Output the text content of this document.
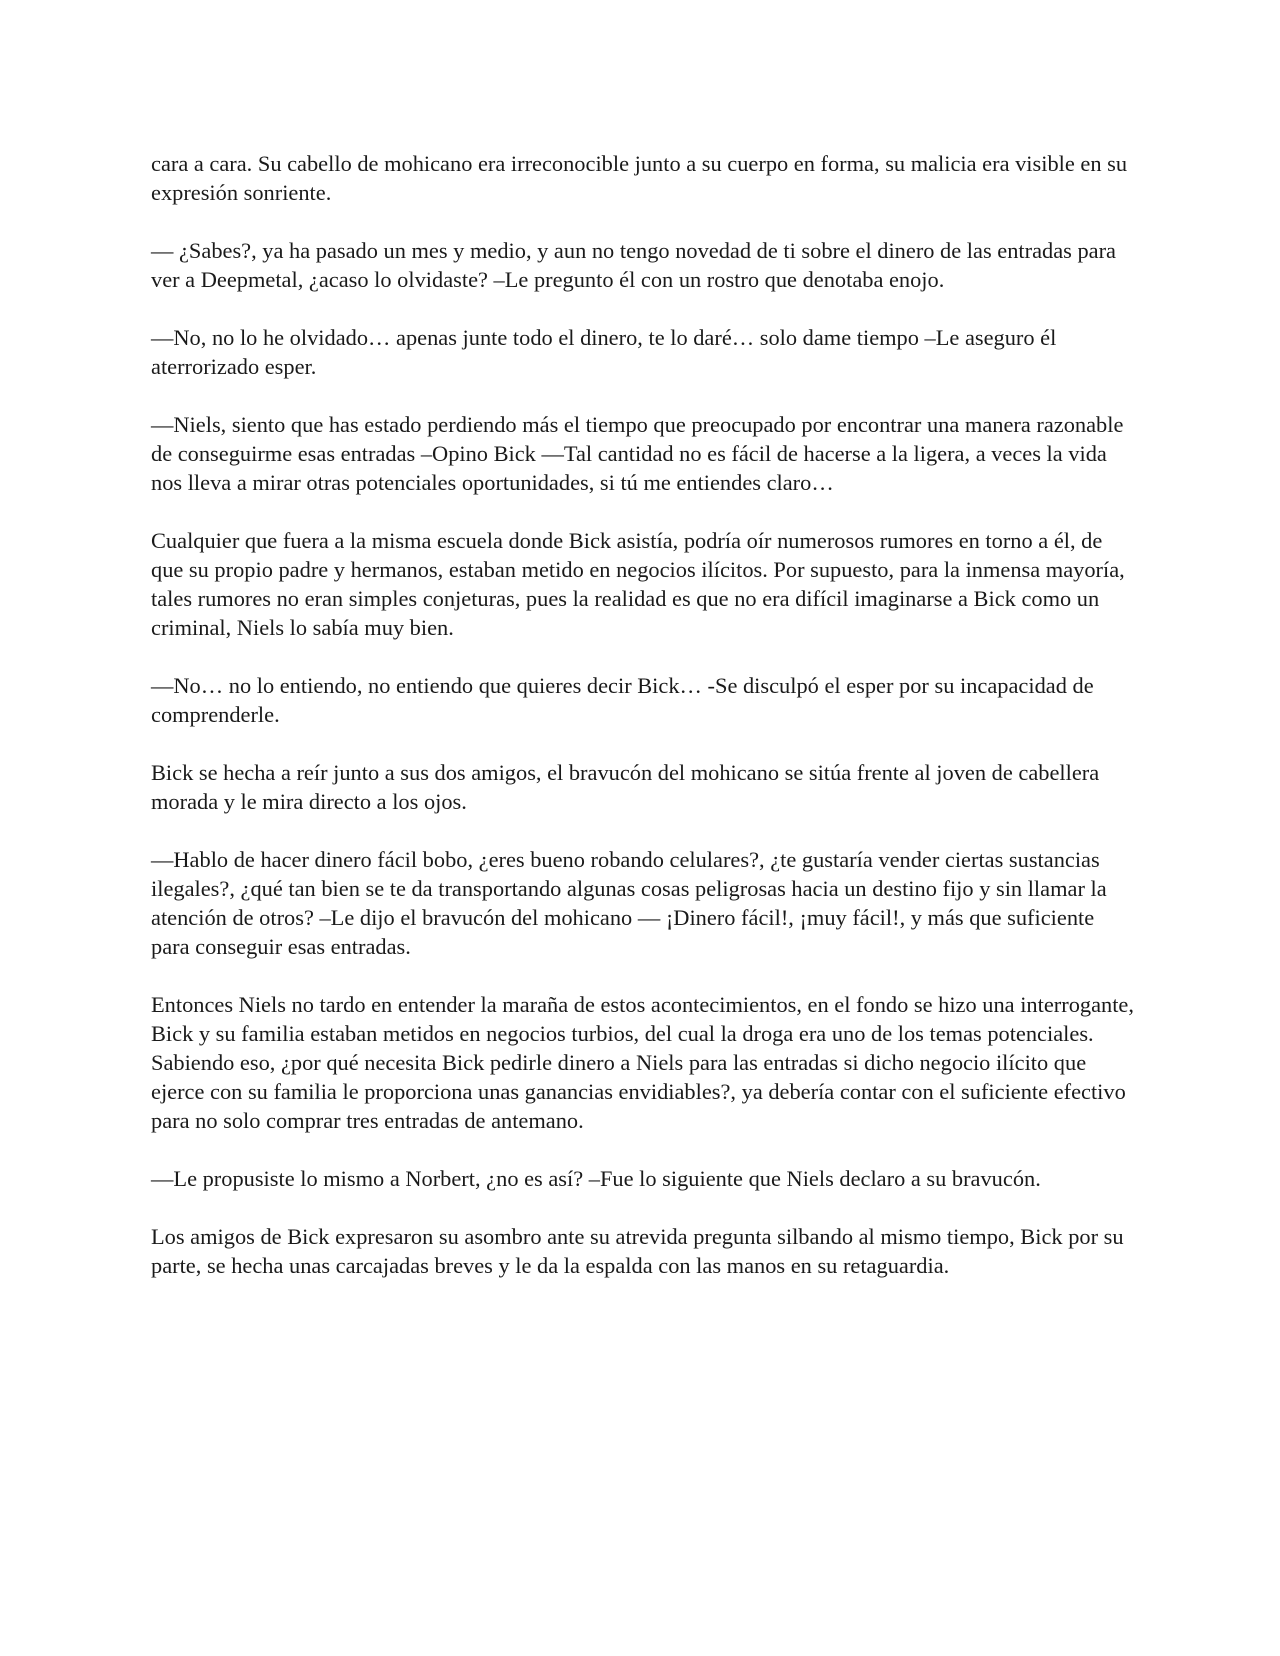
cara a cara. Su cabello de mohicano era irreconocible junto a su cuerpo en forma, su malicia era visible en su expresión sonriente.

— ¿Sabes?, ya ha pasado un mes y medio, y aun no tengo novedad de ti sobre el dinero de las entradas para ver a Deepmetal, ¿acaso lo olvidaste? –Le pregunto él con un rostro que denotaba enojo.

—No, no lo he olvidado… apenas junte todo el dinero, te lo daré… solo dame tiempo –Le aseguro él aterrorizado esper.

—Niels, siento que has estado perdiendo más el tiempo que preocupado por encontrar una manera razonable de conseguirme esas entradas –Opino Bick —Tal cantidad no es fácil de hacerse a la ligera, a veces la vida nos lleva a mirar otras potenciales oportunidades, si tú me entiendes claro…

Cualquier que fuera a la misma escuela donde Bick asistía, podría oír numerosos rumores en torno a él, de que su propio padre y hermanos, estaban metido en negocios ilícitos. Por supuesto, para la inmensa mayoría, tales rumores no eran simples conjeturas, pues la realidad es que no era difícil imaginarse a Bick como un criminal, Niels lo sabía muy bien.

—No… no lo entiendo, no entiendo que quieres decir Bick… -Se disculpó el esper por su incapacidad de comprenderle.

Bick se hecha a reír junto a sus dos amigos, el bravucón del mohicano se sitúa frente al joven de cabellera morada y le mira directo a los ojos.

—Hablo de hacer dinero fácil bobo, ¿eres bueno robando celulares?, ¿te gustaría vender ciertas sustancias ilegales?, ¿qué tan bien se te da transportando algunas cosas peligrosas hacia un destino fijo y sin llamar la atención de otros? –Le dijo el bravucón del mohicano — ¡Dinero fácil!, ¡muy fácil!, y más que suficiente para conseguir esas entradas.

Entonces Niels no tardo en entender la maraña de estos acontecimientos, en el fondo se hizo una interrogante, Bick y su familia estaban metidos en negocios turbios, del cual la droga era uno de los temas potenciales. Sabiendo eso, ¿por qué necesita Bick pedirle dinero a Niels para las entradas si dicho negocio ilícito que ejerce con su familia le proporciona unas ganancias envidiables?, ya debería contar con el suficiente efectivo para no solo comprar tres entradas de antemano.

—Le propusiste lo mismo a Norbert, ¿no es así? –Fue lo siguiente que Niels declaro a su bravucón.

Los amigos de Bick expresaron su asombro ante su atrevida pregunta silbando al mismo tiempo, Bick por su parte, se hecha unas carcajadas breves y le da la espalda con las manos en su retaguardia.
